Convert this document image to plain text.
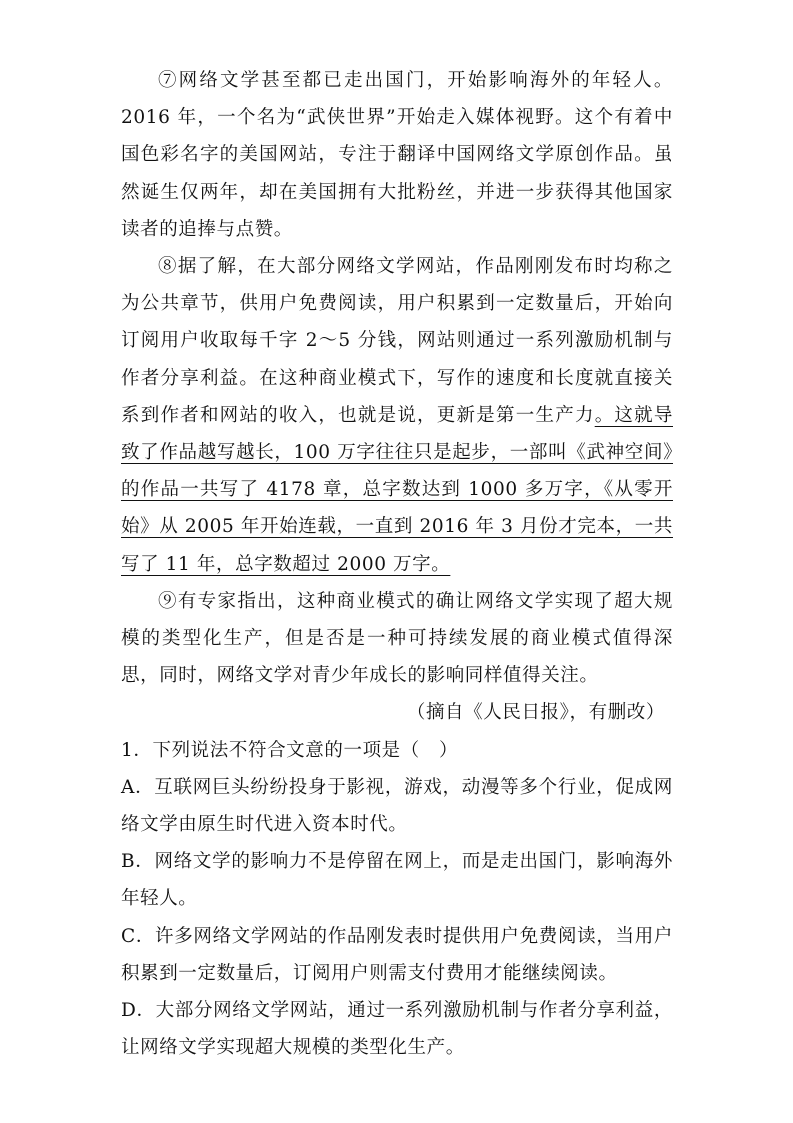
⑦网络文学甚至都已走出国门，开始影响海外的年轻人。2016 年，一个名为“武侠世界”开始走入媒体视野。这个有着中国色彩名字的美国网站，专注于翻译中国网络文学原创作品。虽然诞生仅两年，却在美国拥有大批粉丝，并进一步获得其他国家读者的追捧与点赞。

⑧据了解，在大部分网络文学网站，作品刚刚发布时均称之为公共章节，供用户免费阅读，用户积累到一定数量后，开始向订阅用户收取每千字 2～5 分钱，网站则通过一系列激励机制与作者分享利益。在这种商业模式下，写作的速度和长度就直接关系到作者和网站的收入，也就是说，更新是第一生产力。这就导致了作品越写越长，100 万字往往只是起步，一部叫《武神空间》的作品一共写了 4178 章，总字数达到 1000 多万字，《从零开始》从 2005 年开始连载，一直到 2016 年 3 月份才完本，一共写了 11 年，总字数超过 2000 万字。

⑨有专家指出，这种商业模式的确让网络文学实现了超大规模的类型化生产，但是否是一种可持续发展的商业模式值得深思，同时，网络文学对青少年成长的影响同样值得关注。

（摘自《人民日报》，有删改）

1．下列说法不符合文意的一项是（　）

A．互联网巨头纷纷投身于影视，游戏，动漫等多个行业，促成网络文学由原生时代进入资本时代。

B．网络文学的影响力不是停留在网上，而是走出国门，影响海外年轻人。

C．许多网络文学网站的作品刚发表时提供用户免费阅读，当用户积累到一定数量后，订阅用户则需支付费用才能继续阅读。

D．大部分网络文学网站，通过一系列激励机制与作者分享利益，让网络文学实现超大规模的类型化生产。
